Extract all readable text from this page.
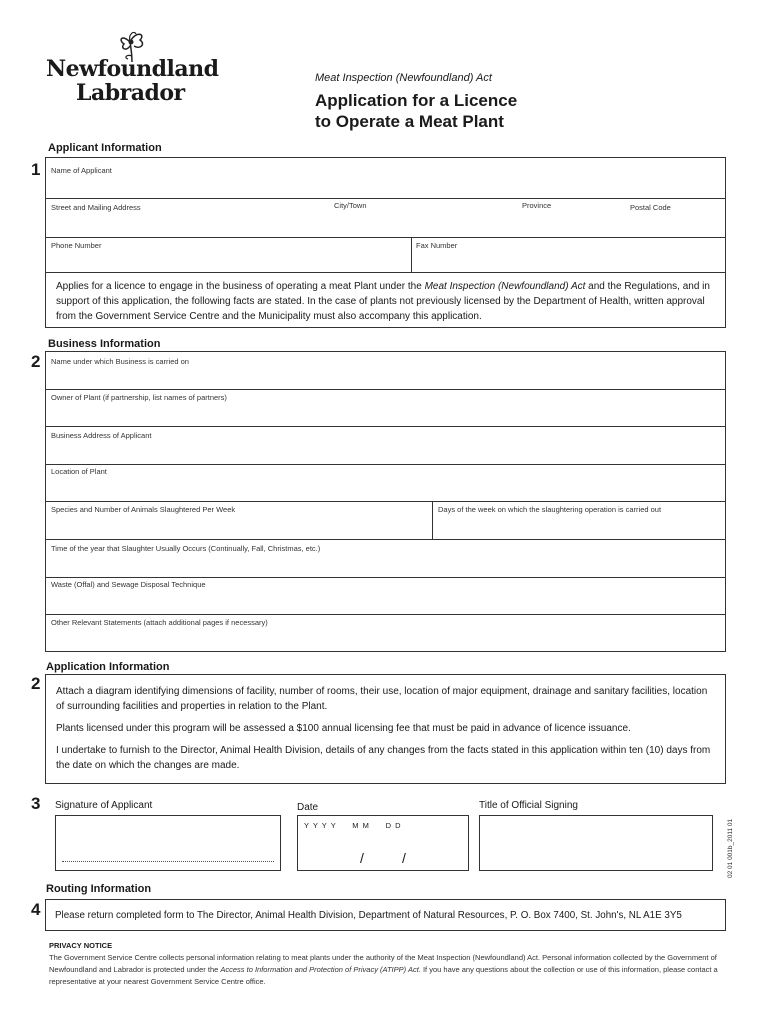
Newfoundland
Labrador
Meat Inspection (Newfoundland) Act
Application for a Licence
to Operate a Meat Plant
Applicant Information
1 Name of Applicant
Street and Mailing Address	City/Town	Province	Postal Code
Phone Number	Fax Number

Applies for a licence to engage in the business of operating a meat Plant under the Meat Inspection (Newfoundland) Act and the Regulations, and in support of this application, the following facts are stated. In the case of plants not previously licensed by the Department of Health, written approval from the Government Service Centre and the Municipality must also accompany this application.

Business Information
2 Name under which Business is carried on
Owner of Plant (if partnership, list names of partners)
Business Address of Applicant
Location of Plant
Species and Number of Animals Slaughtered Per Week	Days of the week on which the slaughtering operation is carried out
Time of the year that Slaughter Usually Occurs (Continually, Fall, Christmas, etc.)
Waste (Offal) and Sewage Disposal Technique
Other Relevant Statements (attach additional pages if necessary)
Application Information
2 Attach a diagram identifying dimensions of facility, number of rooms, their use, location of major equipment, drainage and sanitary facilities, location of surrounding facilities and properties in relation to the Plant.

Plants licensed under this program will be assessed a $100 annual licensing fee that must be paid in advance of licence issuance.

I undertake to furnish to the Director, Animal Health Division, details of any changes from the facts stated in this application within ten (10) days from the date on which the changes are made.

3 Signature of Applicant	Date
Y  Y  Y  Y        M  M        D  D
/	/
Title of Official Signing
02 01 001b_2011 01
Routing Information
4 Please return completed form to The Director, Animal Health Division, Department of Natural Resources, P. O. Box 7400, St. John's, NL A1E 3Y5

PRIVACY NOTICE

The Government Service Centre collects personal information relating to meat plants under the authority of the Meat Inspection (Newfoundland) Act. Personal information collected by the Government of Newfoundland and Labrador is protected under the Access to Information and Protection of Privacy (ATIPP) Act. If you have any questions about the collection or use of this information, please contact a representative at your nearest Government Service Centre office.
